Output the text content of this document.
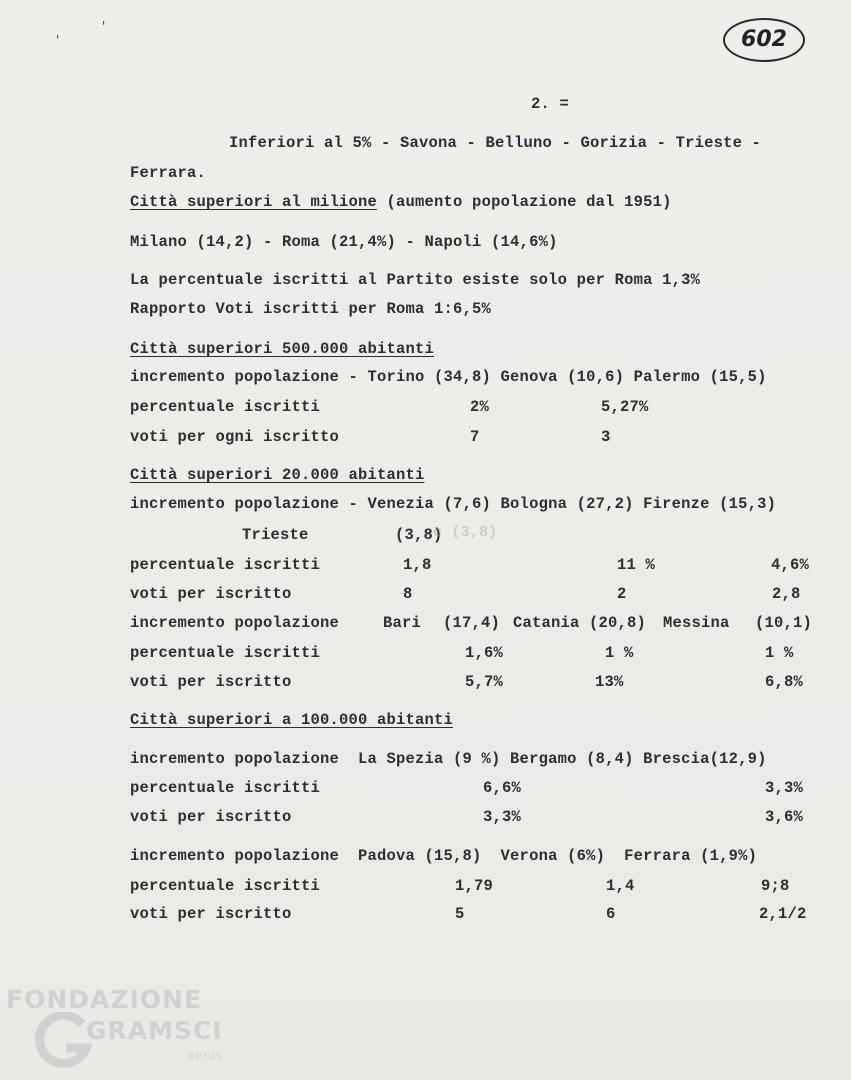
'
'	602
2. =
Inferiori al 5% - Savona - Belluno - Gorizia - Trieste -
Ferrara.
Città superiori al milione (aumento popolazione dal 1951)
Milano (14,2) - Roma (21,4%) - Napoli (14,6%)
La percentuale iscritti al Partito esiste solo per Roma 1,3%
Rapporto Voti iscritti per Roma 1:6,5%
Città superiori 500.000 abitanti
incremento popolazione - Torino (34,8) Genova (10,6) Palermo (15,5)
percentuale iscritti	2%	5,27%
voti per ogni iscritto	7	3
Città superiori 20.000 abitanti
incremento popolazione - Venezia (7,6) Bologna (27,2) Firenze (15,3)
Trieste	(3,8)
e (3,8)
percentuale iscritti	1,8	11 %	4,6%
voti per iscritto	8	2	2,8
incremento popolazione	Bari (17,4) Catania (20,8) Messina (10,1)
percentuale iscritti	1,6%	1 %	1 %
voti per iscritto	5,7%	13%	6,8%
Città superiori a 100.000 abitanti
incremento popolazione  La Spezia (9 %) Bergamo (8,4) Brescia(12,9)
percentuale iscritti	6,6%	3,3%
voti per iscritto	3,3%	3,6%
incremento popolazione  Padova (15,8)  Verona (6%)  Ferrara (1,9%)
percentuale iscritti	1,79	1,4	9;8
voti per iscritto	5	6	2,1/2
FONDAZIONE
GRAMSCI
onlus
